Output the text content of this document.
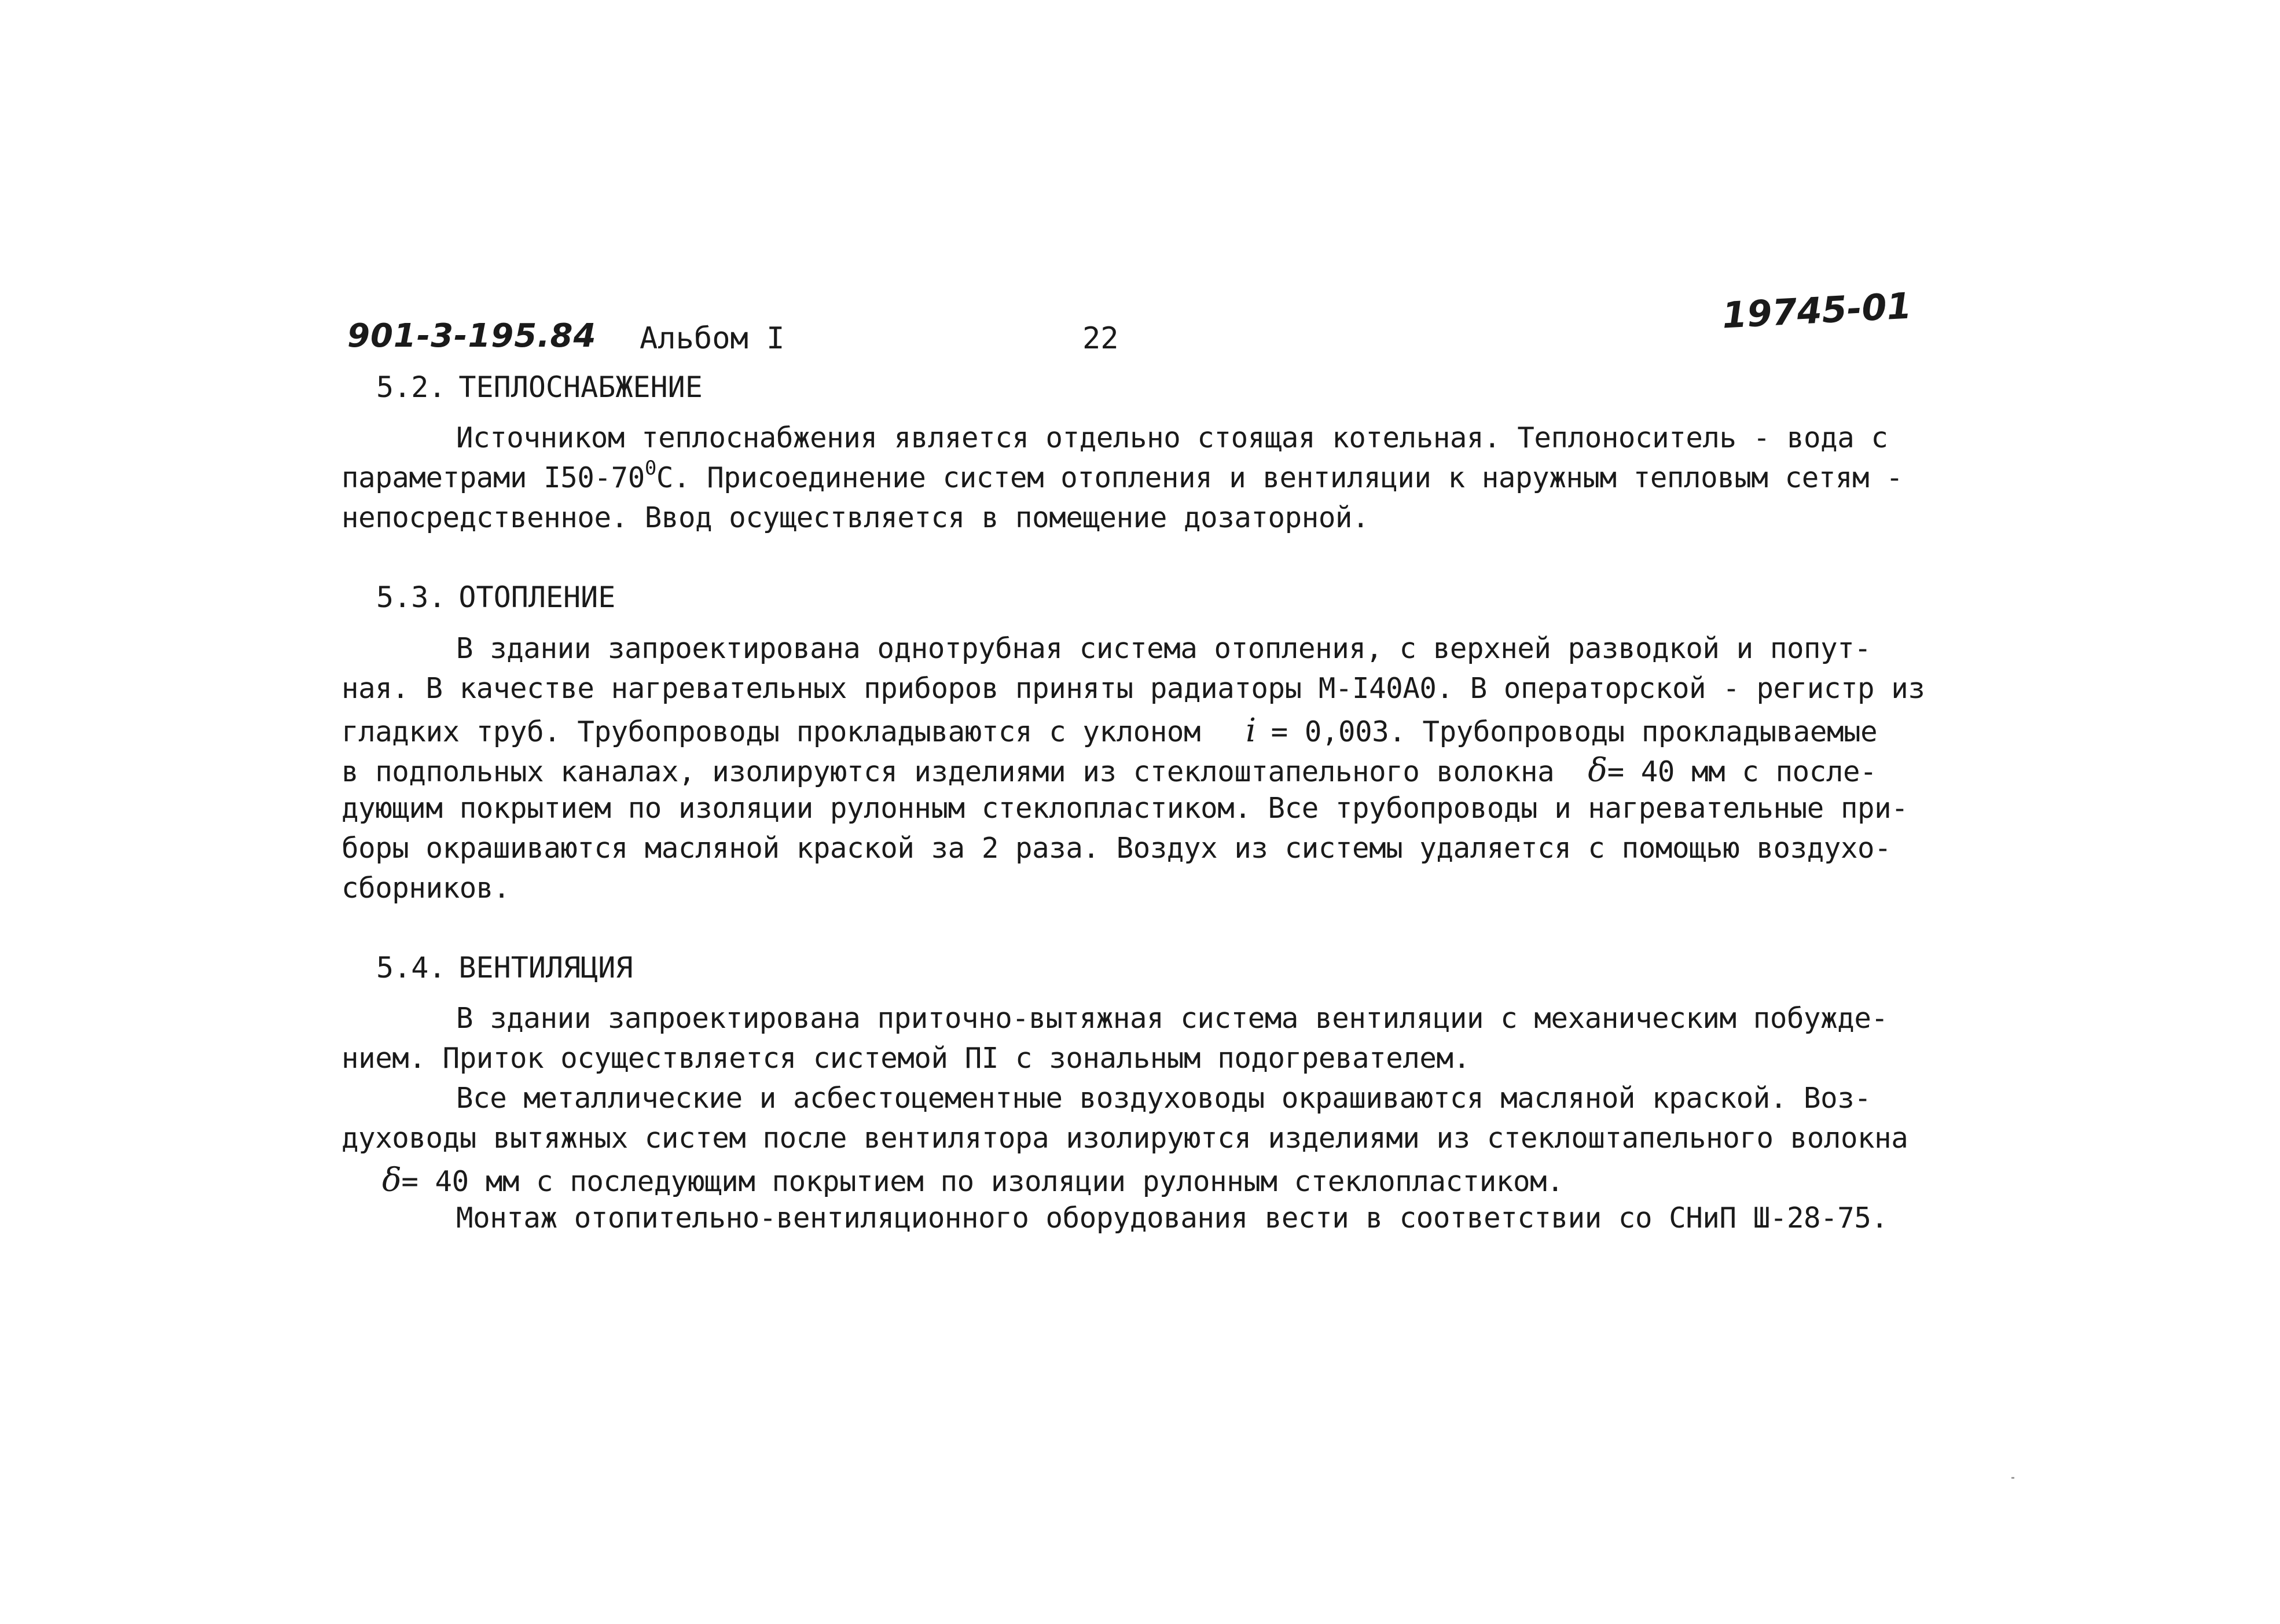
901-3-195.84 Альбом I	22
19745-01
5.2. ТЕПЛОСНАБЖЕНИЕ
Источником теплоснабжения является отдельно стоящая котельная. Теплоноситель - вода с
параметрами $I50-70^0С$. Присоединение систем отопления и вентиляции к наружным тепловым сетям -
непосредственное. Ввод осуществляется в помещение дозаторной.
5.3. ОТОПЛЕНИЕ
В здании запроектирована однотрубная система отопления, с верхней разводкой и попут-
ная. В качестве нагревательных приборов приняты радиаторы М-I40А0. В операторской - регистр из
гладких труб. Трубопроводы прокладываются с уклоном i = 0,003. Трубопроводы прокладываемые
в подпольных каналах, изолируются изделиями из стеклоштапельного волокна δ= 40 мм с после-
дующим покрытием по изоляции рулонным стеклопластиком. Все трубопроводы и нагревательные при-
боры окрашиваются масляной краской за 2 раза. Воздух из системы удаляется с помощью воздухо-
сборников.
5.4. ВЕНТИЛЯЦИЯ
В здании запроектирована приточно-вытяжная система вентиляции с механическим побужде-
нием. Приток осуществляется системой ПI с зональным подогревателем.
Все металлические и асбестоцементные воздуховоды окрашиваются масляной краской. Воз-
духоводы вытяжных систем после вентилятора изолируются изделиями из стеклоштапельного волокна
δ= 40 мм с последующим покрытием по изоляции рулонным стеклопластиком.
Монтаж отопительно-вентиляционного оборудования вести в соответствии со СНиП Ш-28-75.
